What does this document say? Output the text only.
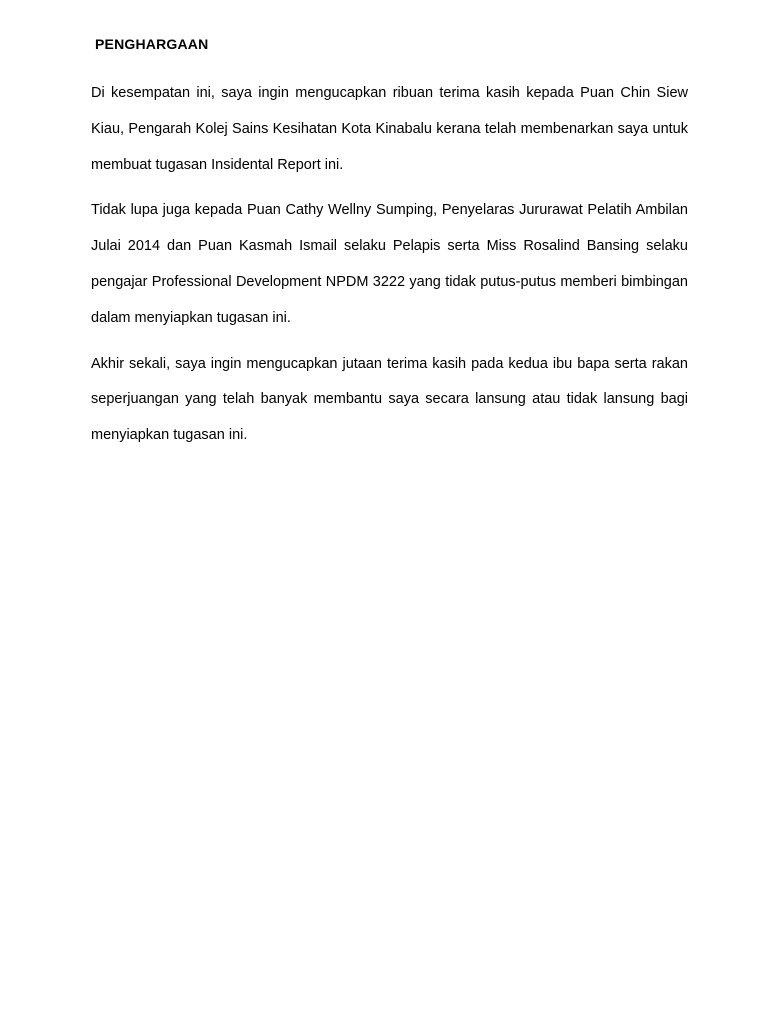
PENGHARGAAN

Di kesempatan ini, saya ingin mengucapkan ribuan terima kasih kepada Puan Chin Siew Kiau, Pengarah Kolej Sains Kesihatan Kota Kinabalu kerana telah membenarkan saya untuk membuat tugasan Insidental Report ini.

Tidak lupa juga kepada Puan Cathy Wellny Sumping, Penyelaras Jururawat Pelatih Ambilan Julai 2014 dan Puan Kasmah Ismail selaku Pelapis serta Miss Rosalind Bansing selaku pengajar Professional Development NPDM 3222 yang tidak putus-putus memberi bimbingan dalam menyiapkan tugasan ini.

Akhir sekali, saya ingin mengucapkan jutaan terima kasih pada kedua ibu bapa serta rakan seperjuangan yang telah banyak membantu saya secara lansung atau tidak lansung bagi menyiapkan tugasan ini.
